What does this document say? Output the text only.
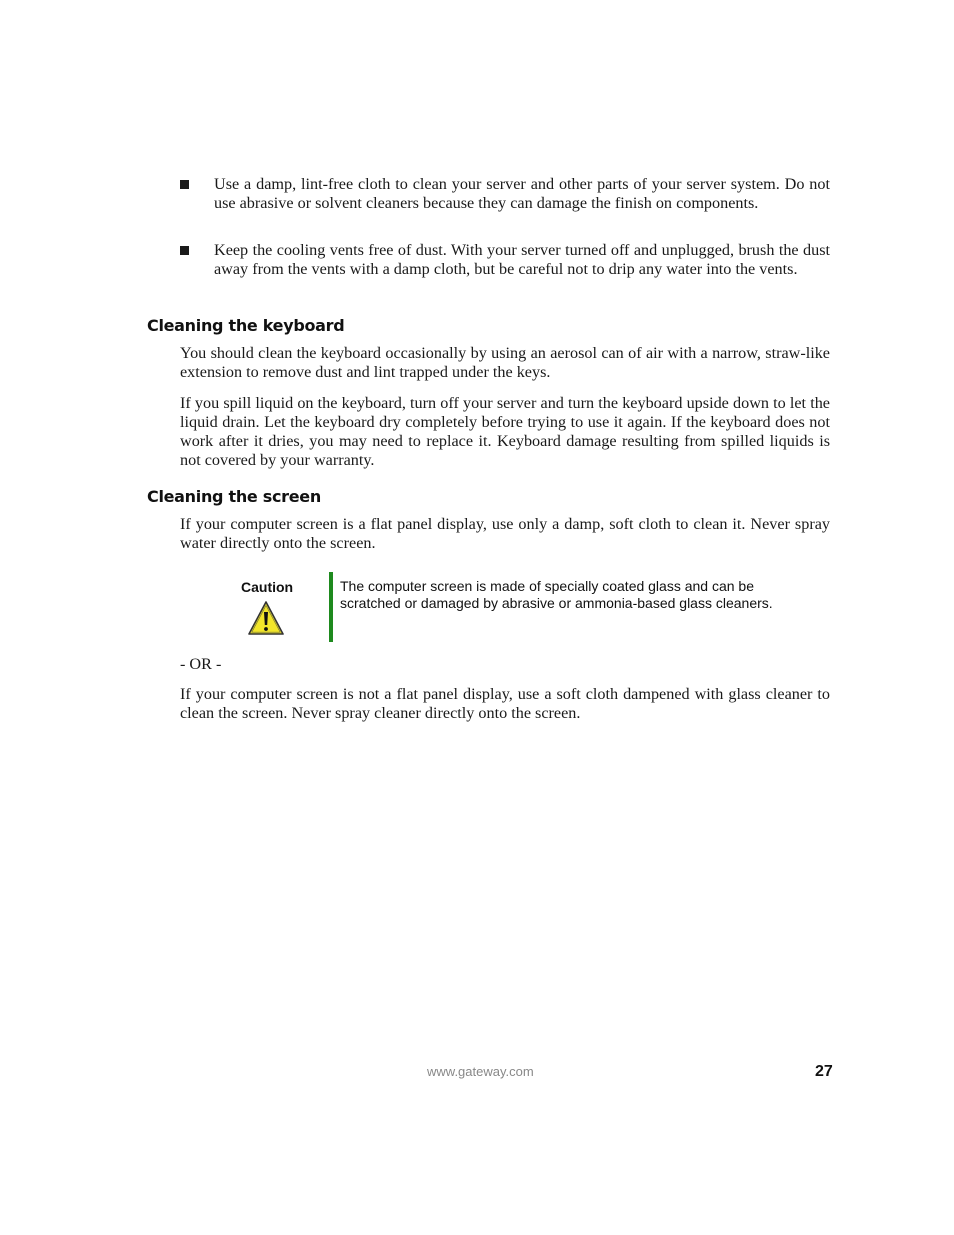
Use a damp, lint-free cloth to clean your server and other parts of your server system. Do not use abrasive or solvent cleaners because they can damage the finish on components.

Keep the cooling vents free of dust. With your server turned off and unplugged, brush the dust away from the vents with a damp cloth, but be careful not to drip any water into the vents.

Cleaning the keyboard

You should clean the keyboard occasionally by using an aerosol can of air with a narrow, straw-like extension to remove dust and lint trapped under the keys.

If you spill liquid on the keyboard, turn off your server and turn the keyboard upside down to let the liquid drain. Let the keyboard dry completely before trying to use it again. If the keyboard does not work after it dries, you may need to replace it. Keyboard damage resulting from spilled liquids is not covered by your warranty.

Cleaning the screen

If your computer screen is a flat panel display, use only a damp, soft cloth to clean it. Never spray water directly onto the screen.

Caution	The computer screen is made of specially coated glass and can be scratched or damaged by abrasive or ammonia-based glass cleaners.

- OR -

If your computer screen is not a flat panel display, use a soft cloth dampened with glass cleaner to clean the screen. Never spray cleaner directly onto the screen.

www.gateway.com	27
